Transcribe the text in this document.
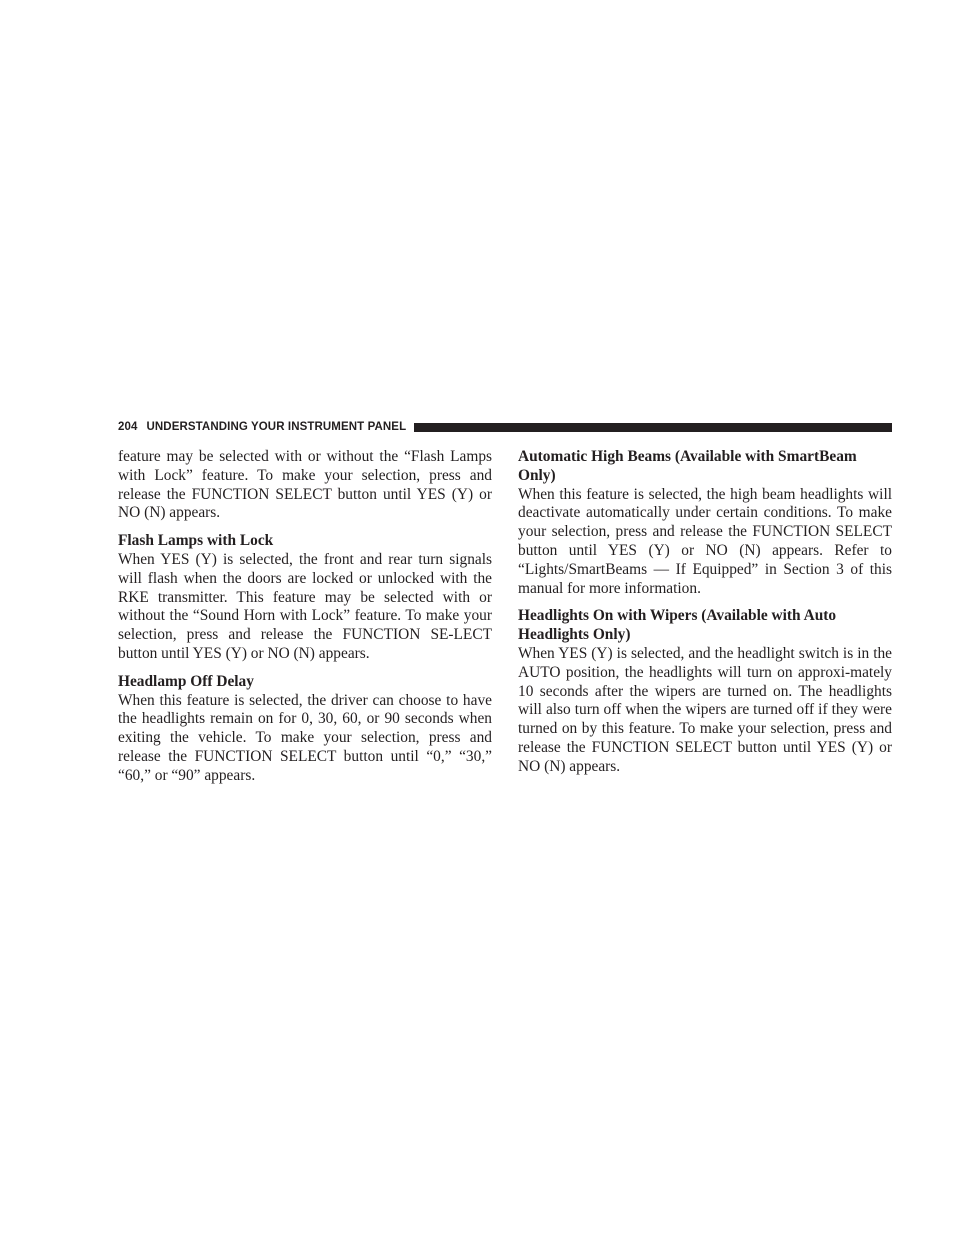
204 UNDERSTANDING YOUR INSTRUMENT PANEL

feature may be selected with or without the “Flash Lamps with Lock” feature. To make your selection, press and release the FUNCTION SELECT button until YES (Y) or NO (N) appears.

Flash Lamps with Lock

When YES (Y) is selected, the front and rear turn signals will flash when the doors are locked or unlocked with the RKE transmitter. This feature may be selected with or without the “Sound Horn with Lock” feature. To make your selection, press and release the FUNCTION SE-LECT button until YES (Y) or NO (N) appears.

Headlamp Off Delay

When this feature is selected, the driver can choose to have the headlights remain on for 0, 30, 60, or 90 seconds when exiting the vehicle. To make your selection, press and release the FUNCTION SELECT button until “0,” “30,” “60,” or “90” appears.

Automatic High Beams (Available with SmartBeam Only)

When this feature is selected, the high beam headlights will deactivate automatically under certain conditions. To make your selection, press and release the FUNCTION SELECT button until YES (Y) or NO (N) appears. Refer to “Lights/SmartBeams — If Equipped” in Section 3 of this manual for more information.

Headlights On with Wipers (Available with Auto Headlights Only)

When YES (Y) is selected, and the headlight switch is in the AUTO position, the headlights will turn on approxi-mately 10 seconds after the wipers are turned on. The headlights will also turn off when the wipers are turned off if they were turned on by this feature. To make your selection, press and release the FUNCTION SELECT button until YES (Y) or NO (N) appears.
